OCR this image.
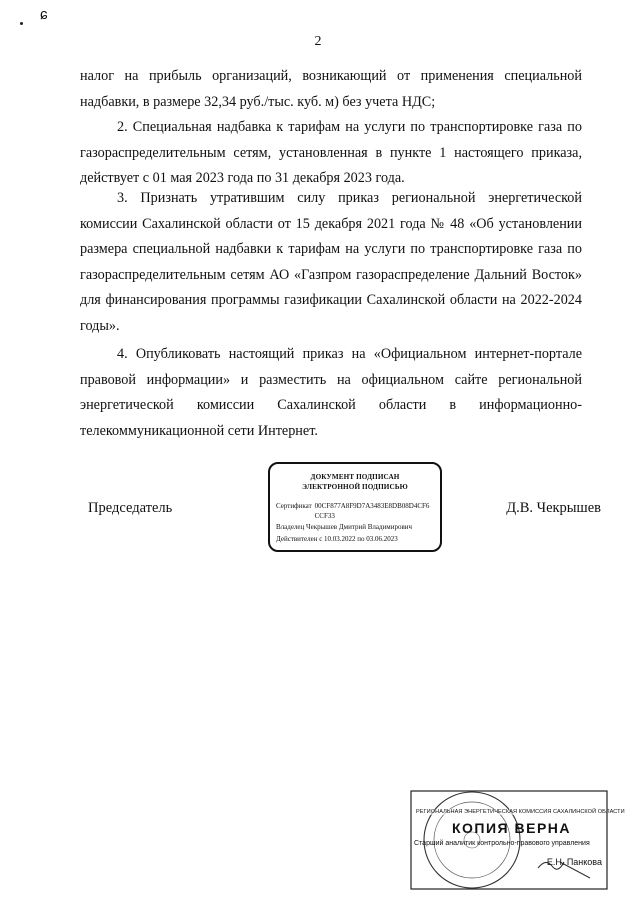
ɕ
2

налог на прибыль организаций, возникающий от применения специальной надбавки, в размере 32,34 руб./тыс. куб. м) без учета НДС;

2. Специальная надбавка к тарифам на услуги по транспортировке газа по газораспределительным сетям, установленная в пункте 1 настоящего приказа, действует с 01 мая 2023 года по 31 декабря 2023 года.

3. Признать утратившим силу приказ региональной энергетической комиссии Сахалинской области от 15 декабря 2021 года № 48 «Об установлении размера специальной надбавки к тарифам на услуги по транспортировке газа по газораспределительным сетям АО «Газпром газораспределение Дальний Восток» для финансирования программы газификации Сахалинской области на 2022-2024 годы».

4. Опубликовать настоящий приказ на «Официальном интернет-портале правовой информации» и разместить на официальном сайте региональной энергетической комиссии Сахалинской области в информационно-телекоммуникационной сети Интернет.

Председатель
ДОКУМЕНТ ПОДПИСАН
ЭЛЕКТРОННОЙ ПОДПИСЬЮ
Сертификат 00CF877A8F9D7A3483E8DB08D4CF6CCF33
Владелец Чекрышев Дмитрий Владимирович
Действителен с 10.03.2022 по 03.06.2023
Д.В. Чекрышев
РЕГИОНАЛЬНАЯ ЭНЕРГЕТИЧЕСКАЯ КОМИССИЯ САХАЛИНСКОЙ ОБЛАСТИ
КОПИЯ ВЕРНА
Старший аналитик контрольно-правового управления
Е.Н. Панкова
